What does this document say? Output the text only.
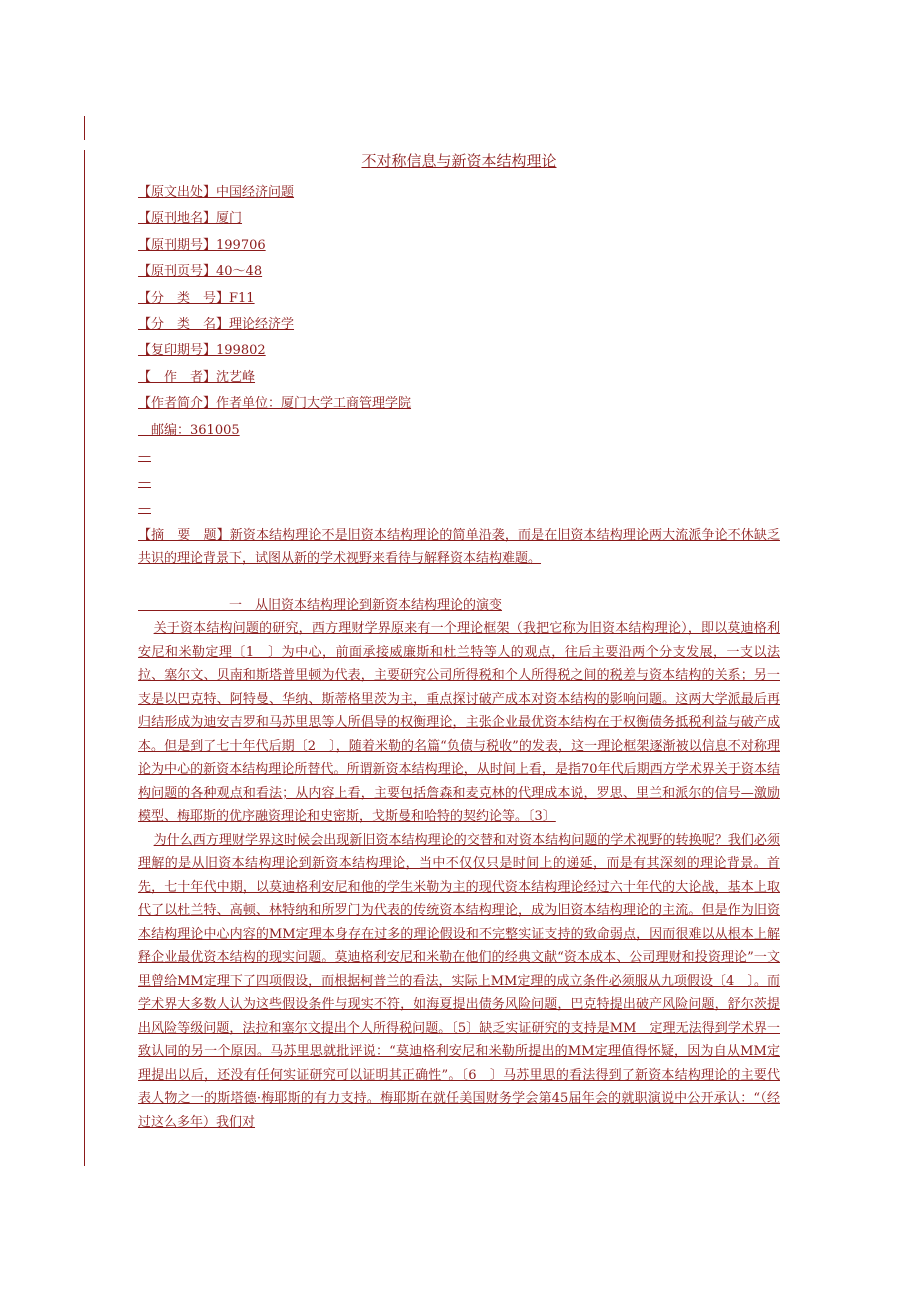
不对称信息与新资本结构理论
【原文出处】中国经济问题
【原刊地名】厦门
【原刊期号】199706
【原刊页号】40～48
【分　类　号】F11
【分　类　名】理论经济学
【复印期号】199802
【　作　者】沈艺峰
【作者简介】作者单位：厦门大学工商管理学院
　邮编：361005
—
—
—

【摘　要　题】新资本结构理论不是旧资本结构理论的简单沿袭，而是在旧资本结构理论两大流派争论不休缺乏共识的理论背景下，试图从新的学术视野来看待与解释资本结构难题。

　　　　　　　一　从旧资本结构理论到新资本结构理论的演变

关于资本结构问题的研究，西方理财学界原来有一个理论框架（我把它称为旧资本结构理论），即以莫迪格利安尼和米勒定理〔1　〕为中心，前面承接威廉斯和杜兰特等人的观点，往后主要沿两个分支发展，一支以法拉、塞尔文、贝南和斯塔普里顿为代表，主要研究公司所得税和个人所得税之间的税差与资本结构的关系；另一支是以巴克特、阿特曼、华纳、斯蒂格里茨为主，重点探讨破产成本对资本结构的影响问题。这两大学派最后再归结形成为迪安吉罗和马苏里思等人所倡导的权衡理论，主张企业最优资本结构在于权衡债务抵税利益与破产成本。但是到了七十年代后期〔2　〕，随着米勒的名篇“负债与税收”的发表，这一理论框架逐渐被以信息不对称理论为中心的新资本结构理论所替代。所谓新资本结构理论，从时间上看，是指70年代后期西方学术界关于资本结构问题的各种观点和看法；从内容上看，主要包括詹森和麦克林的代理成本说，罗思、里兰和派尔的信号—激励模型、梅耶斯的优序融资理论和史密斯，戈斯曼和哈特的契约论等。〔3〕

为什么西方理财学界这时候会出现新旧资本结构理论的交替和对资本结构问题的学术视野的转换呢？我们必须理解的是从旧资本结构理论到新资本结构理论，当中不仅仅只是时间上的递延，而是有其深刻的理论背景。首先，七十年代中期，以莫迪格利安尼和他的学生米勒为主的现代资本结构理论经过六十年代的大论战，基本上取代了以杜兰特、高顿、林特纳和所罗门为代表的传统资本结构理论，成为旧资本结构理论的主流。但是作为旧资本结构理论中心内容的MM定理本身存在过多的理论假设和不完整实证支持的致命弱点，因而很难以从根本上解释企业最优资本结构的现实问题。莫迪格利安尼和米勒在他们的经典文献“资本成本、公司理财和投资理论”一文里曾给MM定理下了四项假设，而根据柯普兰的看法，实际上MM定理的成立条件必须服从九项假设〔4　〕。而学术界大多数人认为这些假设条件与现实不符，如海夏提出债务风险问题，巴克特提出破产风险问题，舒尔茨提出风险等级问题，法拉和塞尔文提出个人所得税问题。〔5〕缺乏实证研究的支持是MM　定理无法得到学术界一致认同的另一个原因。马苏里思就批评说：“莫迪格利安尼和米勒所提出的MM定理值得怀疑，因为自从MM定理提出以后，还没有任何实证研究可以证明其正确性”。〔6　〕马苏里思的看法得到了新资本结构理论的主要代表人物之一的斯塔德·梅耶斯的有力支持。梅耶斯在就任美国财务学会第45届年会的就职演说中公开承认：“（经过这么多年）我们对
